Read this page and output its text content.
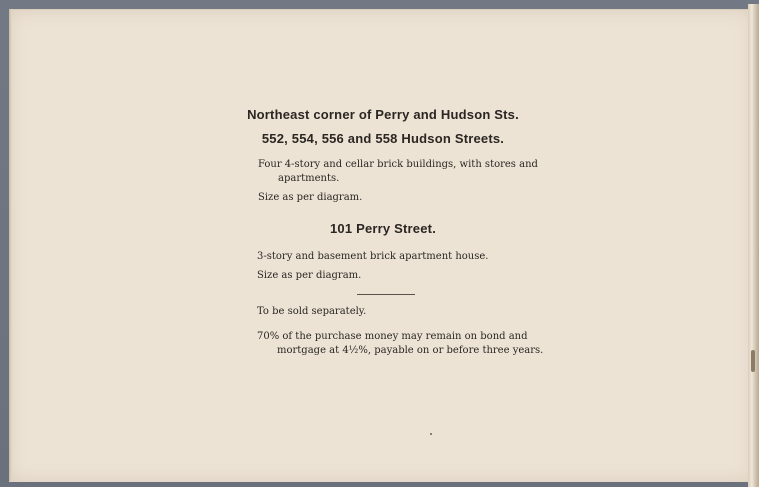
Northeast corner of Perry and Hudson Sts.

552, 554, 556 and 558 Hudson Streets.

Four 4-story and cellar brick buildings, with stores and
apartments.

Size as per diagram.

101 Perry Street.

3-story and basement brick apartment house.

Size as per diagram.

To be sold separately.

70% of the purchase money may remain on bond and
mortgage at 4½%, payable on or before three years.
